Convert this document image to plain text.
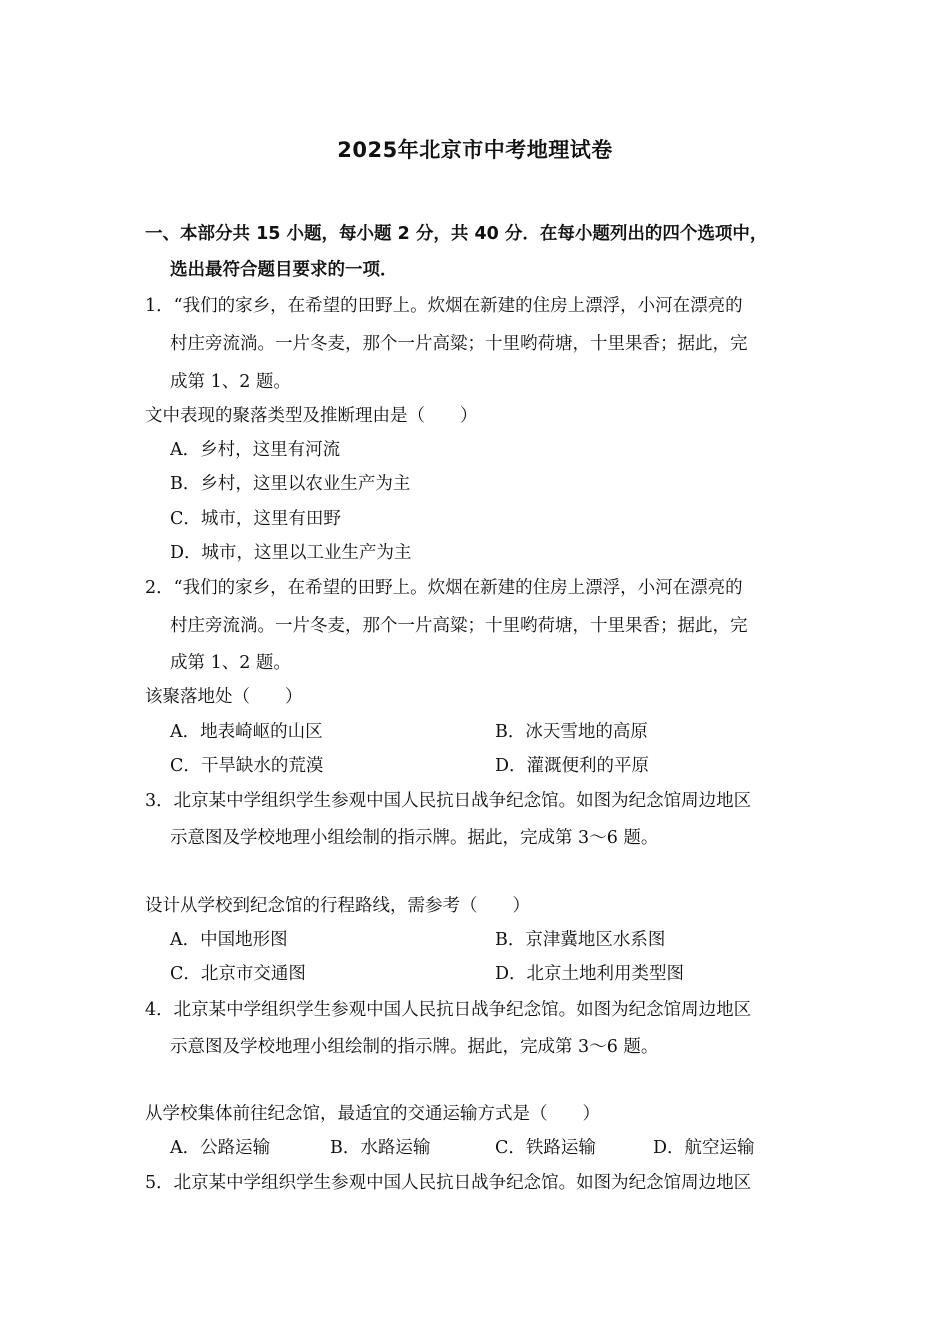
2025年北京市中考地理试卷
一、本部分共 15 小题，每小题 2 分，共 40 分．在每小题列出的四个选项中，
选出最符合题目要求的一项．
1．“我们的家乡，在希望的田野上。炊烟在新建的住房上漂浮，小河在漂亮的
村庄旁流淌。一片冬麦，那个一片高粱；十里哟荷塘，十里果香；据此，完
成第 1、2 题。
文中表现的聚落类型及推断理由是（　　）
A．乡村，这里有河流
B．乡村，这里以农业生产为主
C．城市，这里有田野
D．城市，这里以工业生产为主
2．“我们的家乡，在希望的田野上。炊烟在新建的住房上漂浮，小河在漂亮的
村庄旁流淌。一片冬麦，那个一片高粱；十里哟荷塘，十里果香；据此，完
成第 1、2 题。
该聚落地处（　　）
A．地表崎岖的山区	B．冰天雪地的高原
C．干旱缺水的荒漠	D．灌溉便利的平原
3．北京某中学组织学生参观中国人民抗日战争纪念馆。如图为纪念馆周边地区
示意图及学校地理小组绘制的指示牌。据此，完成第 3～6 题。
设计从学校到纪念馆的行程路线，需参考（　　）
A．中国地形图	B．京津冀地区水系图
C．北京市交通图	D．北京土地利用类型图
4．北京某中学组织学生参观中国人民抗日战争纪念馆。如图为纪念馆周边地区
示意图及学校地理小组绘制的指示牌。据此，完成第 3～6 题。
从学校集体前往纪念馆，最适宜的交通运输方式是（　　）
A．公路运输	B．水路运输	C．铁路运输	D．航空运输
5．北京某中学组织学生参观中国人民抗日战争纪念馆。如图为纪念馆周边地区
